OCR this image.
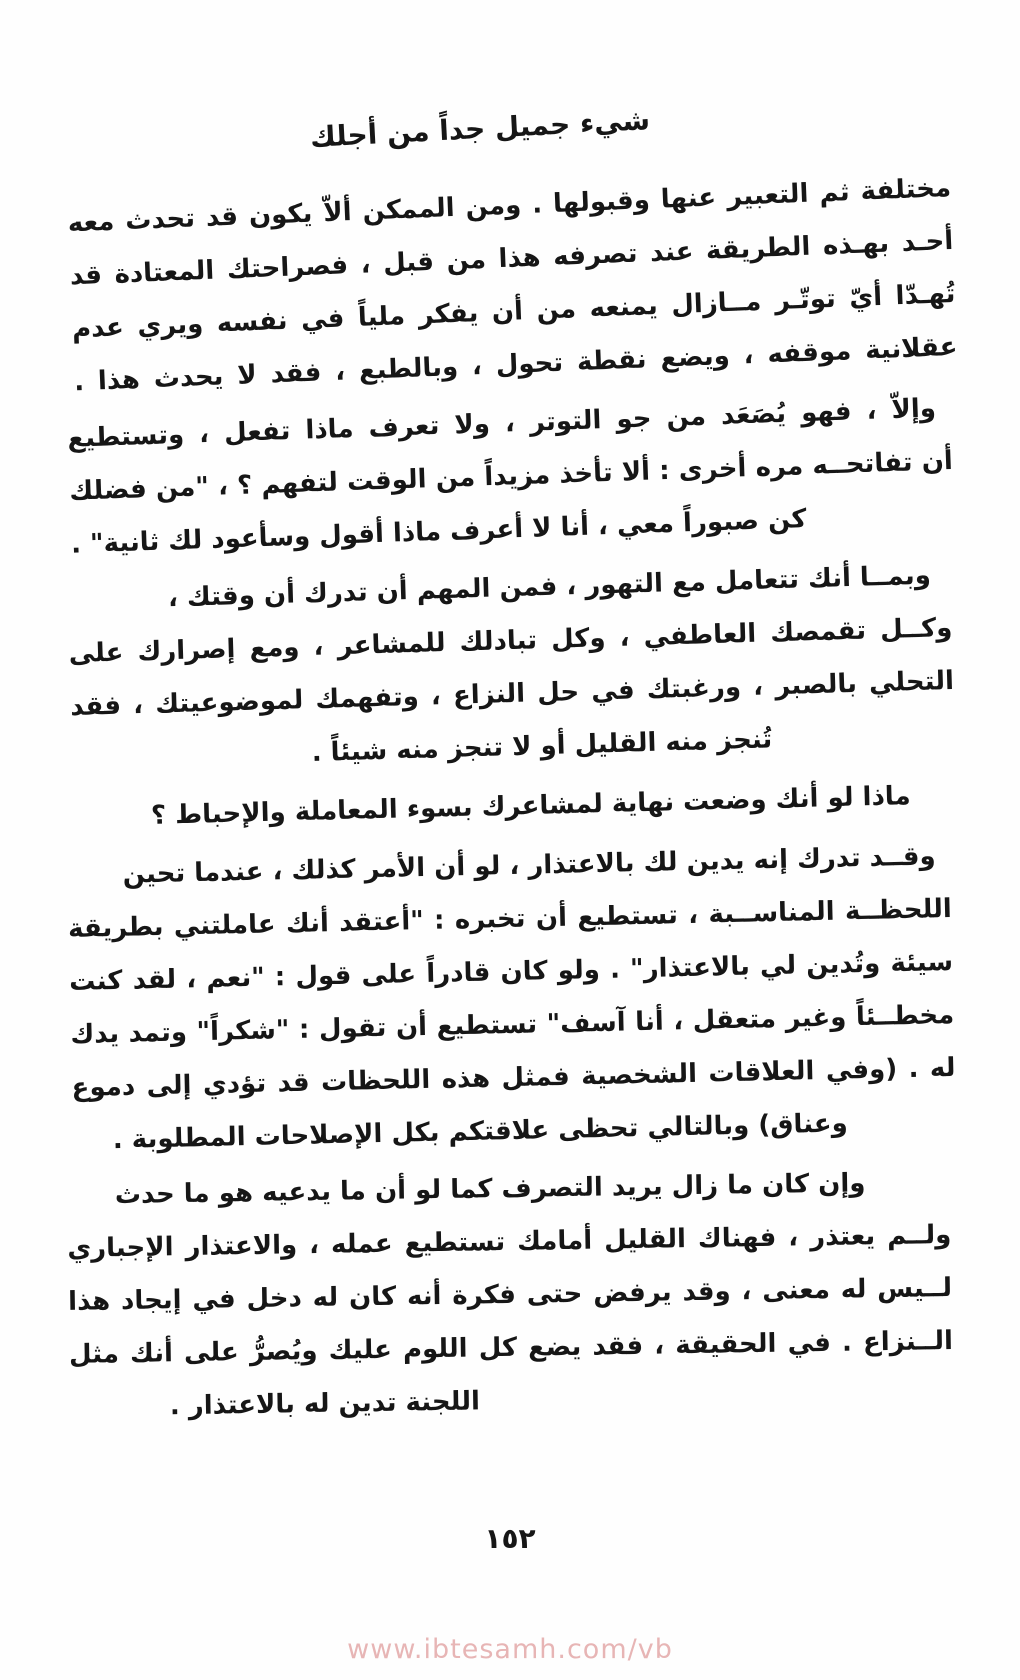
شيء جميل جداً من أجلك
مختلفة ثم التعبير عنها وقبولها . ومن الممكن ألاّ يكون قد تحدث معه
أحـد بهـذه الطريقة عند تصرفه هذا من قبل ، فصراحتك المعتادة قد
تُهـدّا أيّ توتّـر مــازال يمنعه من أن يفكر ملياً في نفسه ويري عدم
عقلانية موقفه ، ويضع نقطة تحول ، وبالطبع ، فقد لا يحدث هذا .
وإلاّ ، فهو يُصَعَد من جو التوتر ، ولا تعرف ماذا تفعل ، وتستطيع
أن تفاتحــه مره أخرى : ألا تأخذ مزيداً من الوقت لتفهم ؟ ، "من فضلك
كن صبوراً معي ، أنا لا أعرف ماذا أقول وسأعود لك ثانية" .
وبمــا أنك تتعامل مع التهور ، فمن المهم أن تدرك أن وقتك ،
وكــل تقمصك العاطفي ، وكل تبادلك للمشاعر ، ومع إصرارك على
التحلي بالصبر ، ورغبتك في حل النزاع ، وتفهمك لموضوعيتك ، فقد
تُنجز منه القليل أو لا تنجز منه شيئاً .
ماذا لو أنك وضعت نهاية لمشاعرك بسوء المعاملة والإحباط ؟
وقــد تدرك إنه يدين لك بالاعتذار ، لو أن الأمر كذلك ، عندما تحين
اللحظــة المناســبة ، تستطيع أن تخبره : "أعتقد أنك عاملتني بطريقة
سيئة وتُدين لي بالاعتذار" . ولو كان قادراً على قول : "نعم ، لقد كنت
مخطــئاً وغير متعقل ، أنا آسف" تستطيع أن تقول : "شكراً" وتمد يدك
له . (وفي العلاقات الشخصية فمثل هذه اللحظات قد تؤدي إلى دموع
وعناق) وبالتالي تحظى علاقتكم بكل الإصلاحات المطلوبة .
وإن كان ما زال يريد التصرف كما لو أن ما يدعيه هو ما حدث
ولــم يعتذر ، فهناك القليل أمامك تستطيع عمله ، والاعتذار الإجباري
لــيس له معنى ، وقد يرفض حتى فكرة أنه كان له دخل في إيجاد هذا
الــنزاع . في الحقيقة ، فقد يضع كل اللوم عليك ويُصرُّ على أنك مثل
اللجنة تدين له بالاعتذار .
١٥٢
www.ibtesamh.com/vb
